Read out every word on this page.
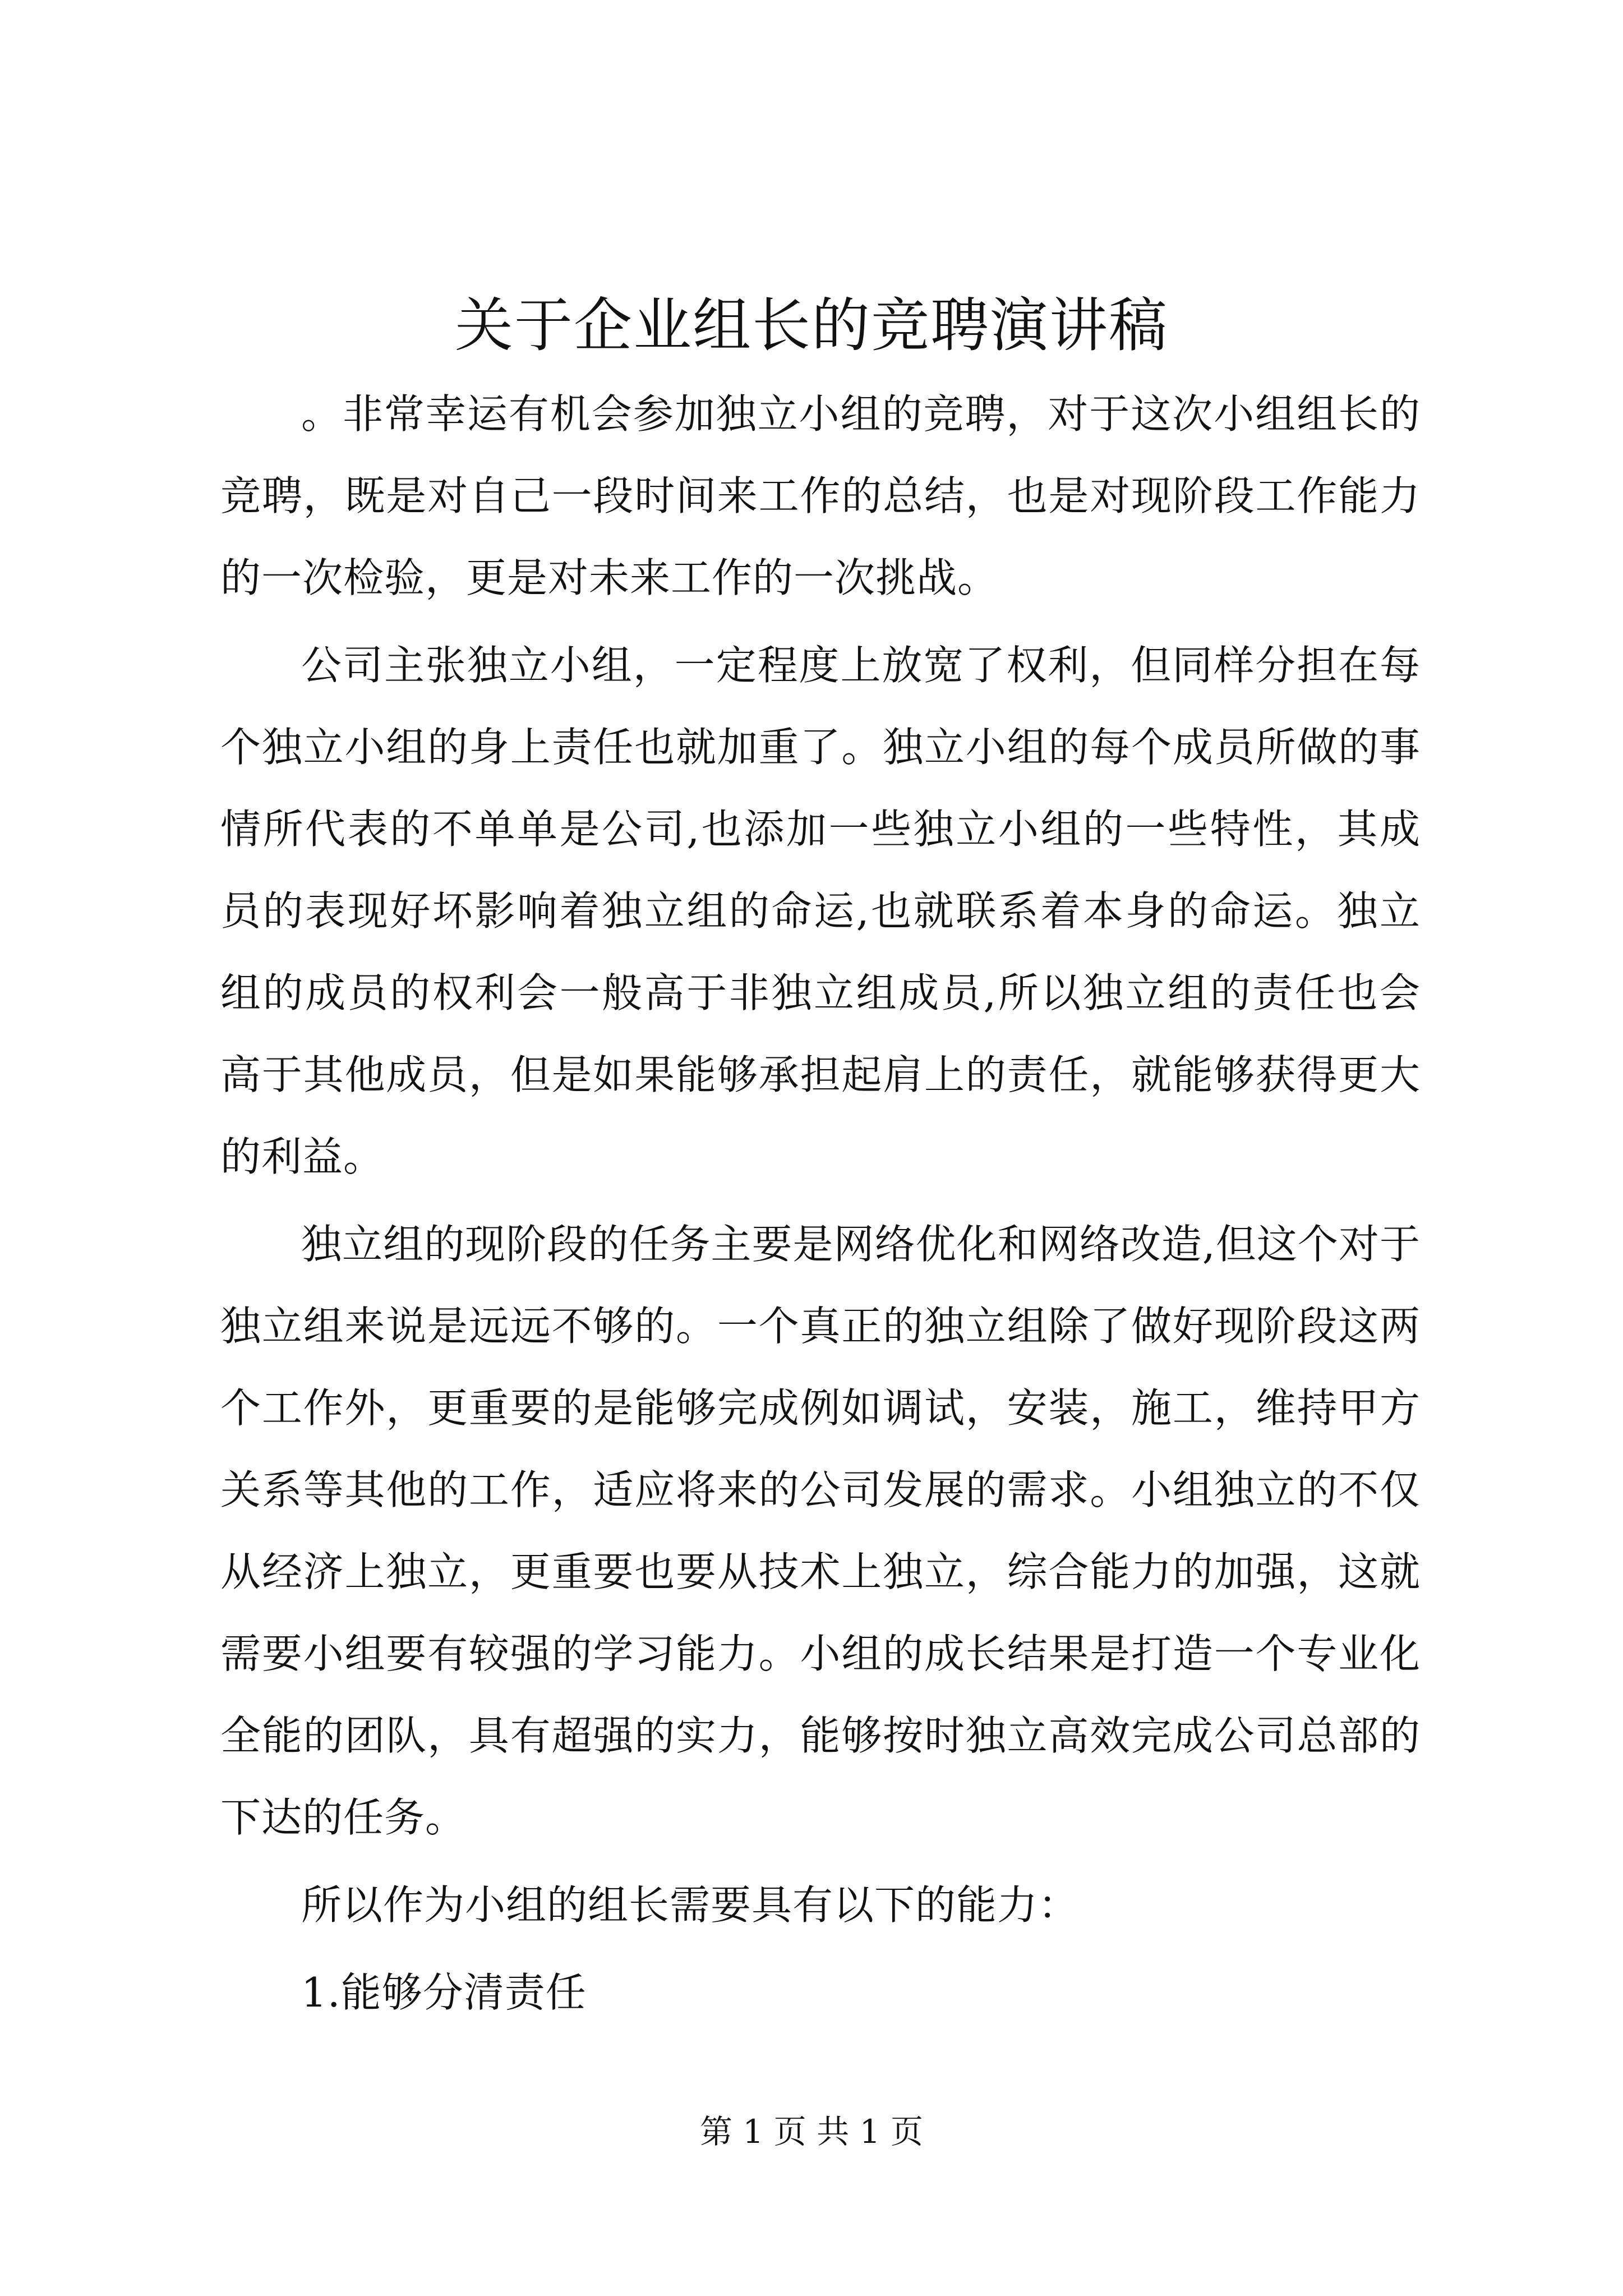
关于企业组长的竞聘演讲稿

。非常幸运有机会参加独立小组的竞聘，对于这次小组组长的竞聘，既是对自己一段时间来工作的总结，也是对现阶段工作能力的一次检验，更是对未来工作的一次挑战。

公司主张独立小组，一定程度上放宽了权利，但同样分担在每个独立小组的身上责任也就加重了。独立小组的每个成员所做的事情所代表的不单单是公司,也添加一些独立小组的一些特性，其成员的表现好坏影响着独立组的命运,也就联系着本身的命运。独立组的成员的权利会一般高于非独立组成员,所以独立组的责任也会高于其他成员，但是如果能够承担起肩上的责任，就能够获得更大的利益。

独立组的现阶段的任务主要是网络优化和网络改造,但这个对于独立组来说是远远不够的。一个真正的独立组除了做好现阶段这两个工作外，更重要的是能够完成例如调试，安装，施工，维持甲方关系等其他的工作，适应将来的公司发展的需求。小组独立的不仅从经济上独立，更重要也要从技术上独立，综合能力的加强，这就需要小组要有较强的学习能力。小组的成长结果是打造一个专业化全能的团队，具有超强的实力，能够按时独立高效完成公司总部的下达的任务。

所以作为小组的组长需要具有以下的能力：

1.能够分清责任

第 1 页 共 1 页
